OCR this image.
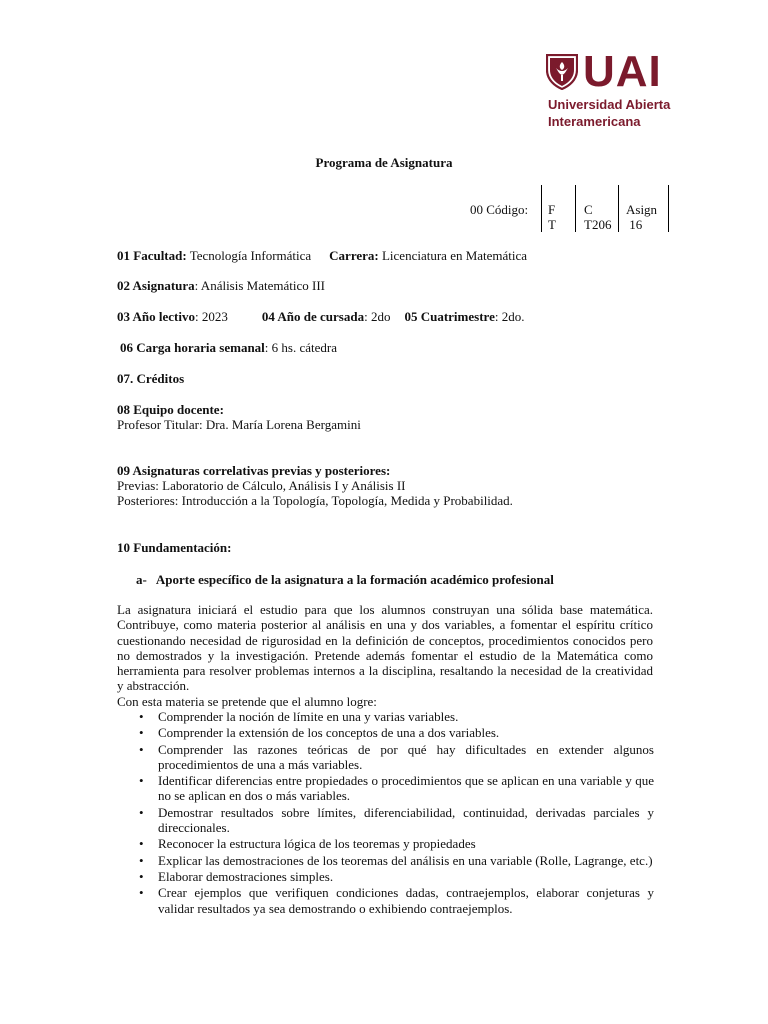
UAI
Universidad Abierta
Interamericana
Programa de Asignatura
00 Código: F
T
C
T206
Asign
16
01 Facultad: Tecnología Informática Carrera: Licenciatura en Matemática
02 Asignatura: Análisis Matemático III
03 Año lectivo: 2023	04 Año de cursada: 2do 05 Cuatrimestre: 2do.
06 Carga horaria semanal: 6 hs. cátedra
07. Créditos
08 Equipo docente:
Profesor Titular: Dra. María Lorena Bergamini
09 Asignaturas correlativas previas y posteriores:
Previas: Laboratorio de Cálculo, Análisis I y Análisis II
Posteriores: Introducción a la Topología, Topología, Medida y Probabilidad.
10 Fundamentación:
a-   Aporte específico de la asignatura a la formación académico profesional
La asignatura iniciará el estudio para que los alumnos construyan una sólida base matemática. Contribuye, como materia posterior al análisis en una y dos variables, a fomentar el espíritu crítico cuestionando necesidad de rigurosidad en la definición de conceptos, procedimientos conocidos pero no demostrados y la investigación. Pretende además fomentar el estudio de la Matemática como herramienta para resolver problemas internos a la disciplina, resaltando la necesidad de la creatividad y abstracción.
Con esta materia se pretende que el alumno logre:
• Comprender la noción de límite en una y varias variables.
• Comprender la extensión de los conceptos de una a dos variables.
• Comprender las razones teóricas de por qué hay dificultades en extender algunos procedimientos de una a más variables.
• Identificar diferencias entre propiedades o procedimientos que se aplican en una variable y que no se aplican en dos o más variables.
• Demostrar resultados sobre límites, diferenciabilidad, continuidad, derivadas parciales y direccionales.
• Reconocer la estructura lógica de los teoremas y propiedades
• Explicar las demostraciones de los teoremas del análisis en una variable (Rolle, Lagrange, etc.)
• Elaborar demostraciones simples.
• Crear ejemplos que verifiquen condiciones dadas, contraejemplos, elaborar conjeturas y validar resultados ya sea demostrando o exhibiendo contraejemplos.
